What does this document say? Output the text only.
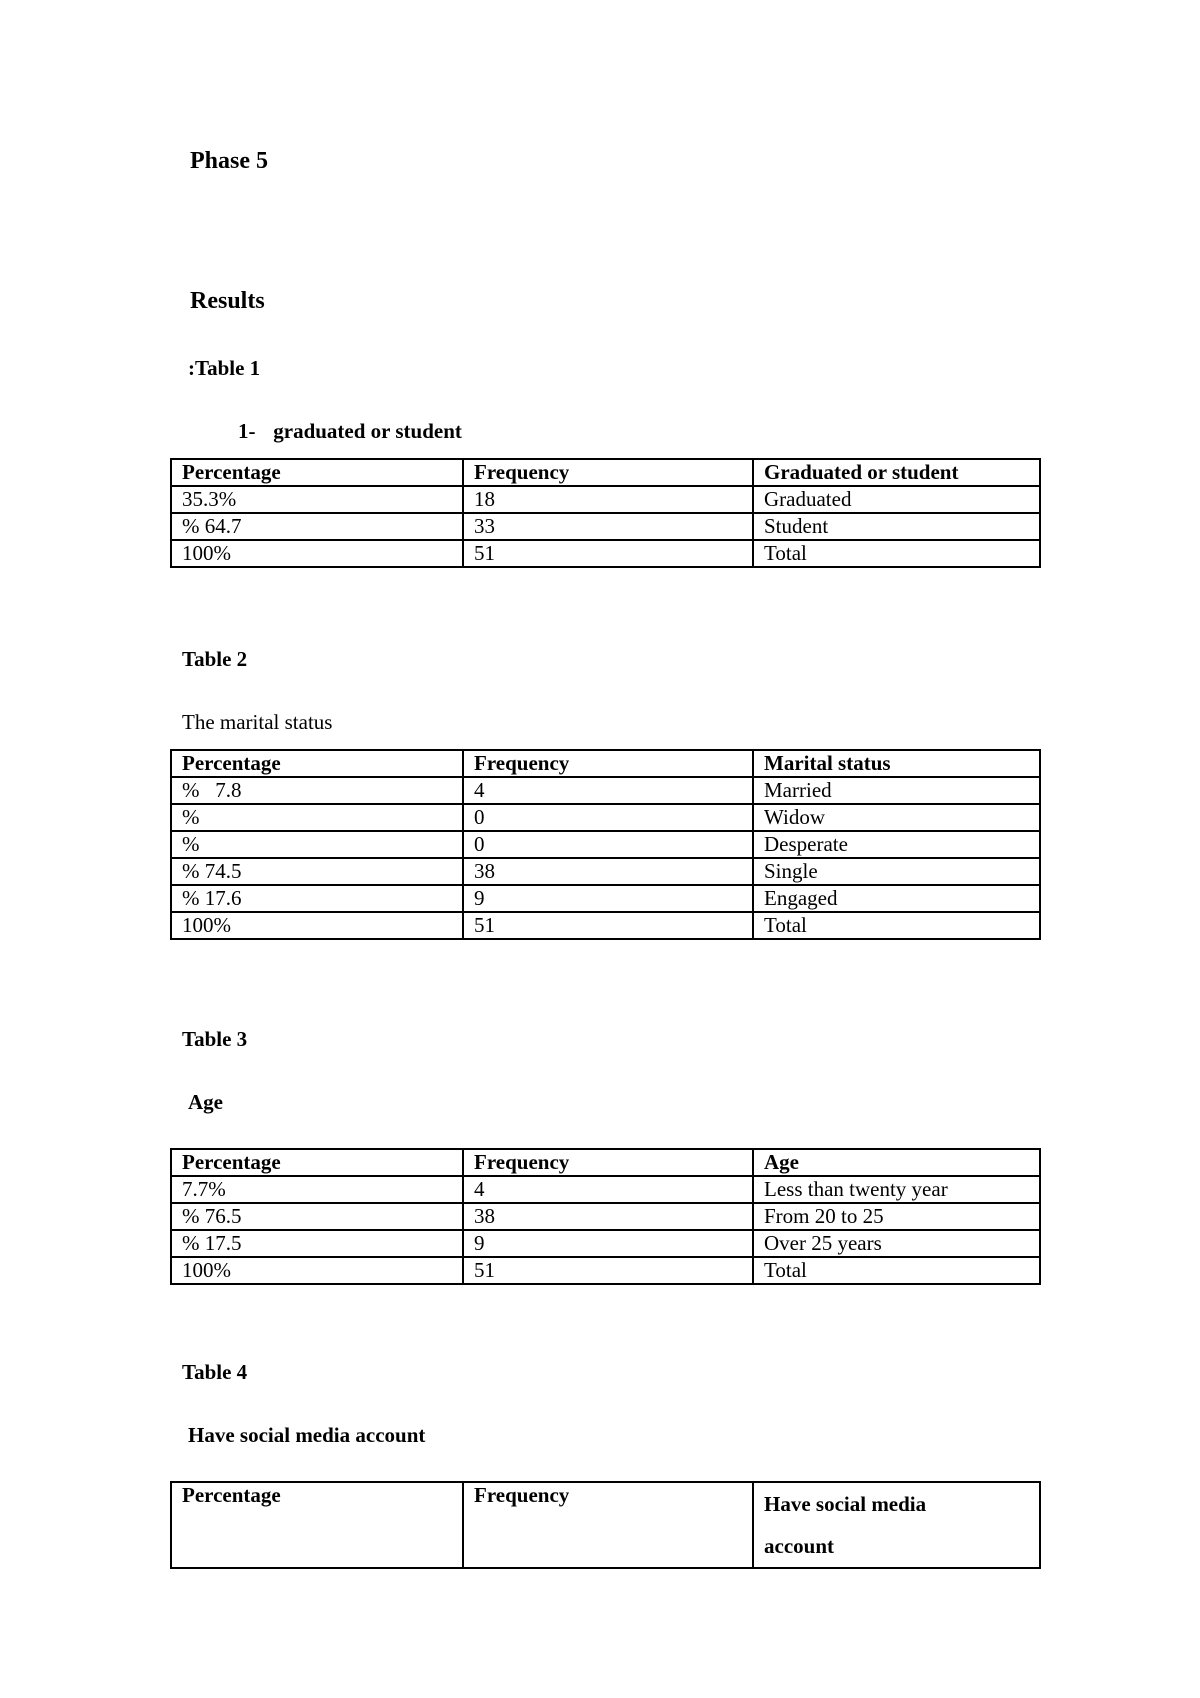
Phase 5
Results
:Table 1
1- graduated or student
Percentage	Frequency	Graduated or student
35.3%	18	Graduated
% 64.7	33	Student
100%	51	Total
Table 2
The marital status
Percentage	Frequency	Marital status
%   7.8	4	Married
%	0	Widow
%	0	Desperate
% 74.5	38	Single
% 17.6	9	Engaged
100%	51	Total
Table 3
Age
Percentage	Frequency	Age
7.7%	4	Less than twenty year
% 76.5	38	From 20 to 25
% 17.5	9	Over 25 years
100%	51	Total
Table 4
Have social media account
Percentage	Frequency	Have social media account
